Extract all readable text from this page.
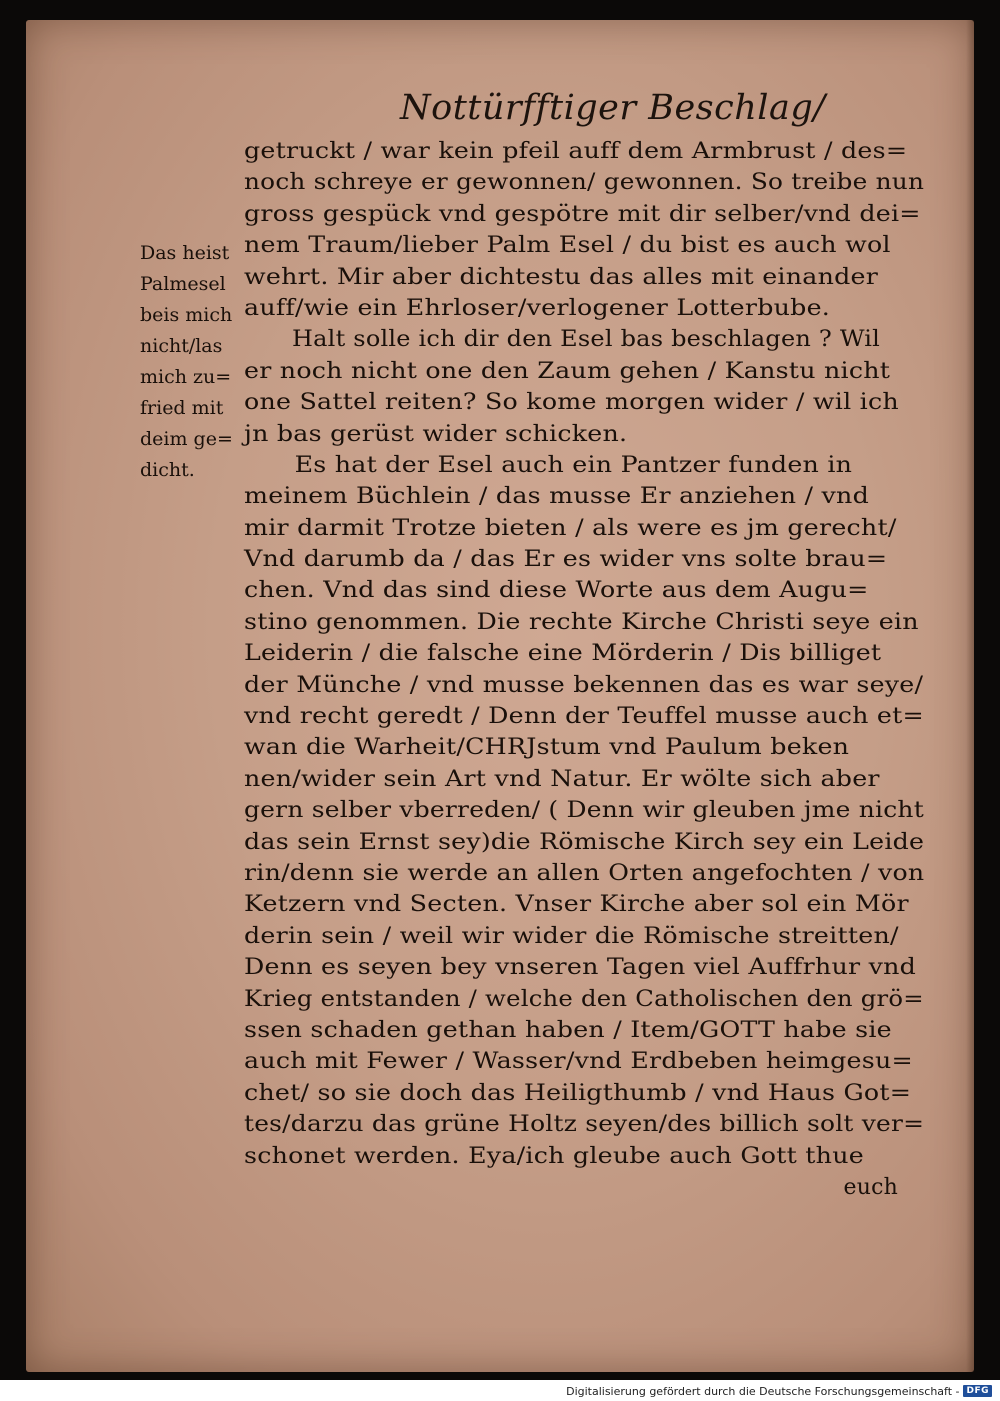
Nottürfftiger Beschlag/
Das heist
Palmesel
beis mich
nicht/las
mich zu=
fried mit
deim ge=
dicht.
getruckt / war kein pfeil auff dem Armbrust / des=
noch schreye er gewonnen/ gewonnen. So treibe nun
gross gespück vnd gespötre mit dir selber/vnd dei=
nem Traum/lieber Palm Esel / du bist es auch wol
wehrt. Mir aber dichtestu das alles mit einander
auff/wie ein Ehrloser/verlogener Lotterbube.
Halt solle ich dir den Esel bas beschlagen ? Wil
er noch nicht one den Zaum gehen / Kanstu nicht
one Sattel reiten? So kome morgen wider / wil ich
jn bas gerüst wider schicken.
Es hat der Esel auch ein Pantzer funden in
meinem Büchlein / das musse Er anziehen / vnd
mir darmit Trotze bieten / als were es jm gerecht/
Vnd darumb da / das Er es wider vns solte brau=
chen. Vnd das sind diese Worte aus dem Augu=
stino genommen. Die rechte Kirche Christi seye ein
Leiderin / die falsche eine Mörderin / Dis billiget
der Münche / vnd musse bekennen das es war seye/
vnd recht geredt / Denn der Teuffel musse auch et=
wan die Warheit/CHRJstum vnd Paulum beken
nen/wider sein Art vnd Natur. Er wölte sich aber
gern selber vberreden/ ( Denn wir gleuben jme nicht
das sein Ernst sey)die Römische Kirch sey ein Leide
rin/denn sie werde an allen Orten angefochten / von
Ketzern vnd Secten. Vnser Kirche aber sol ein Mör
derin sein / weil wir wider die Römische streitten/
Denn es seyen bey vnseren Tagen viel Auffrhur vnd
Krieg entstanden / welche den Catholischen den grö=
ssen schaden gethan haben / Item/GOTT habe sie
auch mit Fewer / Wasser/vnd Erdbeben heimgesu=
chet/ so sie doch das Heiligthumb / vnd Haus Got=
tes/darzu das grüne Holtz seyen/des billich solt ver=
schonet werden. Eya/ich gleube auch Gott thue
euch
Digitalisierung gefördert durch die Deutsche Forschungsgemeinschaft - DFG
